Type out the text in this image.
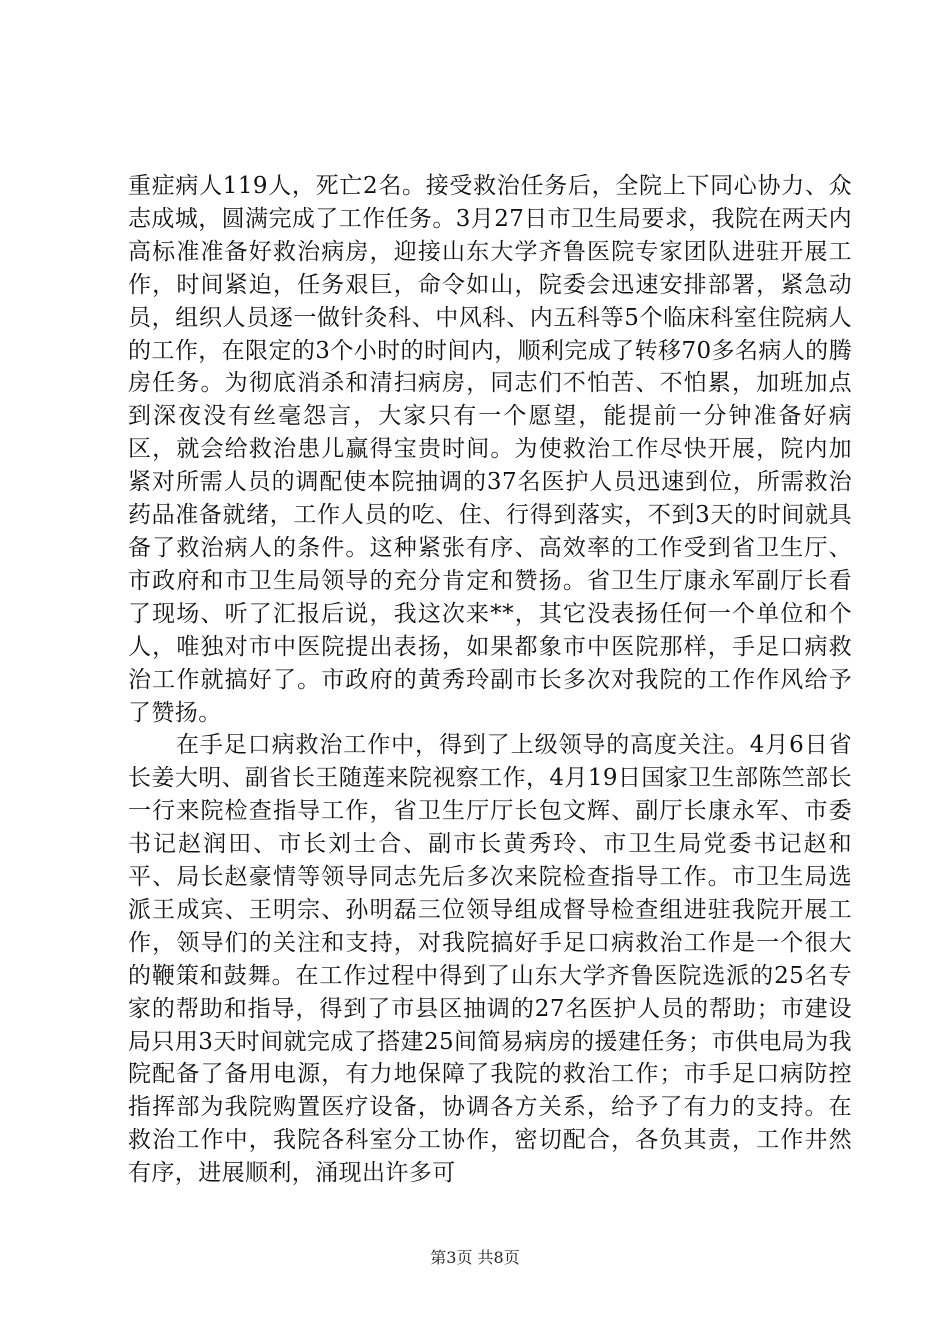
重症病人119人，死亡2名。接受救治任务后，全院上下同心协力、众志成城，圆满完成了工作任务。3月27日市卫生局要求，我院在两天内高标准准备好救治病房，迎接山东大学齐鲁医院专家团队进驻开展工作，时间紧迫，任务艰巨，命令如山，院委会迅速安排部署，紧急动员，组织人员逐一做针灸科、中风科、内五科等5个临床科室住院病人的工作，在限定的3个小时的时间内，顺利完成了转移70多名病人的腾房任务。为彻底消杀和清扫病房，同志们不怕苦、不怕累，加班加点到深夜没有丝毫怨言，大家只有一个愿望，能提前一分钟准备好病区，就会给救治患儿赢得宝贵时间。为使救治工作尽快开展，院内加紧对所需人员的调配使本院抽调的37名医护人员迅速到位，所需救治药品准备就绪，工作人员的吃、住、行得到落实，不到3天的时间就具备了救治病人的条件。这种紧张有序、高效率的工作受到省卫生厅、市政府和市卫生局领导的充分肯定和赞扬。省卫生厅康永军副厅长看了现场、听了汇报后说，我这次来**，其它没表扬任何一个单位和个人，唯独对市中医院提出表扬，如果都象市中医院那样，手足口病救治工作就搞好了。市政府的黄秀玲副市长多次对我院的工作作风给予了赞扬。

在手足口病救治工作中，得到了上级领导的高度关注。4月6日省长姜大明、副省长王随莲来院视察工作，4月19日国家卫生部陈竺部长一行来院检查指导工作，省卫生厅厅长包文辉、副厅长康永军、市委书记赵润田、市长刘士合、副市长黄秀玲、市卫生局党委书记赵和平、局长赵豪情等领导同志先后多次来院检查指导工作。市卫生局选派王成宾、王明宗、孙明磊三位领导组成督导检查组进驻我院开展工作，领导们的关注和支持，对我院搞好手足口病救治工作是一个很大的鞭策和鼓舞。在工作过程中得到了山东大学齐鲁医院选派的25名专家的帮助和指导，得到了市县区抽调的27名医护人员的帮助；市建设局只用3天时间就完成了搭建25间简易病房的援建任务；市供电局为我院配备了备用电源，有力地保障了我院的救治工作；市手足口病防控指挥部为我院购置医疗设备，协调各方关系，给予了有力的支持。在救治工作中，我院各科室分工协作，密切配合，各负其责，工作井然有序，进展顺利，涌现出许多可

第3页 共8页
